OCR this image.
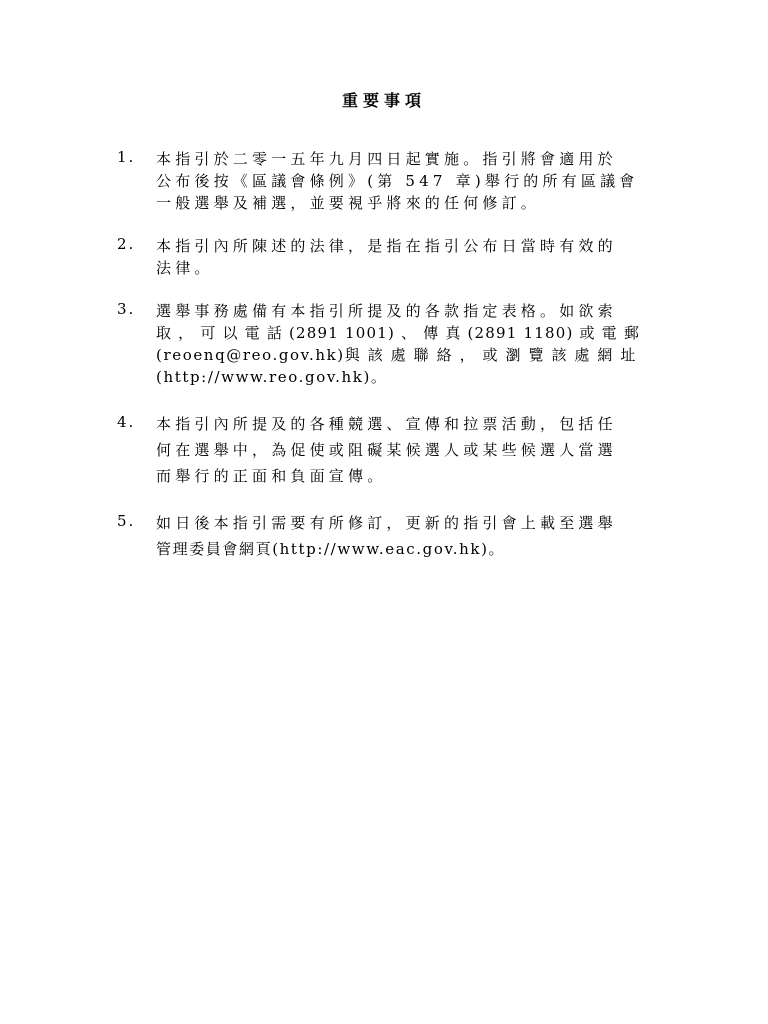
重要事項
1. 本指引於二零一五年九月四日起實施。指引將會適用於
公布後按《區議會條例》(第 547 章)舉行的所有區議會
一般選舉及補選，並要視乎將來的任何修訂。
2. 本指引內所陳述的法律，是指在指引公布日當時有效的
法律。
3. 選舉事務處備有本指引所提及的各款指定表格。如欲索
取 ， 可 以 電 話 (2891 1001) 、 傳 真 (2891 1180) 或 電 郵
(reoenq@reo.gov.hk)與 該 處 聯 絡 ， 或 瀏 覽 該 處 網 址
(http://www.reo.gov.hk)。
4. 本指引內所提及的各種競選、宣傳和拉票活動，包括任
何在選舉中，為促使或阻礙某候選人或某些候選人當選
而舉行的正面和負面宣傳。
5. 如日後本指引需要有所修訂，更新的指引會上載至選舉
管理委員會網頁(http://www.eac.gov.hk)。
